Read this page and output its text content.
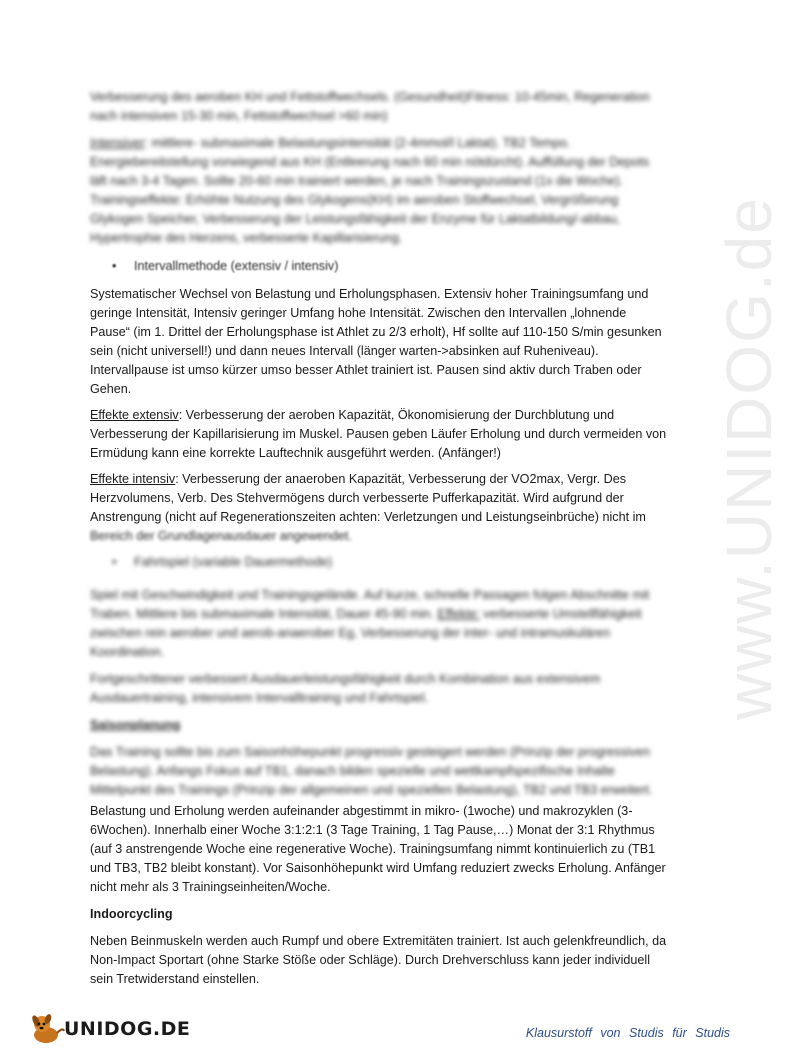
www.UNIDOG.de

Verbesserung des aeroben KH und Fettstoffwechsels. (Gesundheit)Fitness: 10-45min, Regeneration nach intensiven 15-30 min, Fettstoffwechsel >60 min)

Intensiver: mittlere- submaximale Belastungsintensität (2-4mmol/l Laktat). TB2 Tempo. Energiebereitstellung vorwiegend aus KH (Entleerung nach 60 min nötdürcht). Auffüllung der Depots läft nach 3-4 Tagen. Sollte 20-60 min trainiert werden, je nach Trainingszustand (1x die Woche). Trainingseffekte: Erhöhte Nutzung des Glykogens(KH) im aeroben Stoffwechsel, Vergrößerung Glykogen Speicher, Verbesserung der Leistungsfähigkeit der Enzyme für Laktatbildung/-abbau, Hypertrophie des Herzens, verbesserte Kapillarisierung.

• Intervallmethode (extensiv / intensiv)

Systematischer Wechsel von Belastung und Erholungsphasen. Extensiv hoher Trainingsumfang und geringe Intensität, Intensiv geringer Umfang hohe Intensität. Zwischen den Intervallen „lohnende Pause“ (im 1. Drittel der Erholungsphase ist Athlet zu 2/3 erholt), Hf sollte auf 110-150 S/min gesunken sein (nicht universell!) und dann neues Intervall (länger warten->absinken auf Ruheniveau). Intervallpause ist umso kürzer umso besser Athlet trainiert ist. Pausen sind aktiv durch Traben oder Gehen.

Effekte extensiv: Verbesserung der aeroben Kapazität, Ökonomisierung der Durchblutung und Verbesserung der Kapillarisierung im Muskel. Pausen geben Läufer Erholung und durch vermeiden von Ermüdung kann eine korrekte Lauftechnik ausgeführt werden. (Anfänger!)

Effekte intensiv: Verbesserung der anaeroben Kapazität, Verbesserung der VO2max, Vergr. Des Herzvolumens, Verb. Des Stehvermögens durch verbesserte Pufferkapazität. Wird aufgrund der Anstrengung (nicht auf Regenerationszeiten achten: Verletzungen und Leistungseinbrüche) nicht im Bereich der Grundlagenausdauer angewendet.

• Fahrtspiel (variable Dauermethode)

Spiel mit Geschwindigkeit und Trainingsgelände. Auf kurze, schnelle Passagen folgen Abschnitte mit Traben. Mittlere bis submaximale Intensität, Dauer 45-90 min. Effekte: verbesserte Umstellfähigkeit zwischen rein aerober und aerob-anaerober Eg, Verbesserung der inter- und intramuskulären Koordination.

Fortgeschrittener verbessert Ausdauerleistungsfähigkeit durch Kombination aus extensivem Ausdauertraining, intensivem Intervalltraining und Fahrtspiel.

Saisonplanung

Das Training sollte bis zum Saisonhöhepunkt progressiv gesteigert werden (Prinzip der progressiven Belastung). Anfangs Fokus auf TB1, danach bilden spezielle und wettkampfspezifische Inhalte Mittelpunkt des Trainings (Prinzip der allgemeinen und speziellen Belastung), TB2 und TB3 erweitert.

Belastung und Erholung werden aufeinander abgestimmt in mikro- (1woche) und makrozyklen (3-6Wochen). Innerhalb einer Woche 3:1:2:1 (3 Tage Training, 1 Tag Pause,…) Monat der 3:1 Rhythmus (auf 3 anstrengende Woche eine regenerative Woche). Trainingsumfang nimmt kontinuierlich zu (TB1 und TB3, TB2 bleibt konstant). Vor Saisonhöhepunkt wird Umfang reduziert zwecks Erholung. Anfänger nicht mehr als 3 Trainingseinheiten/Woche.

Indoorcycling

Neben Beinmuskeln werden auch Rumpf und obere Extremitäten trainiert. Ist auch gelenkfreundlich, da Non-Impact Sportart (ohne Starke Stöße oder Schläge). Durch Drehverschluss kann jeder individuell sein Tretwiderstand einstellen.

UNIDOG.DE	Klausurstoff von Studis für Studis
